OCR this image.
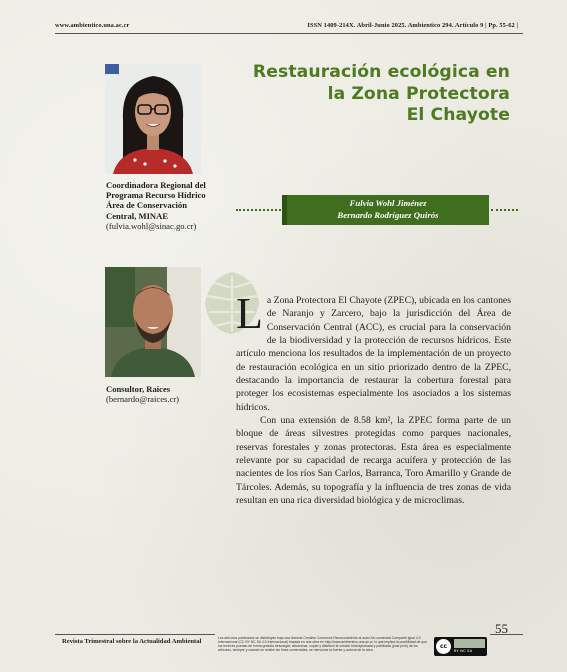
www.ambientico.una.ac.cr	ISSN 1409-214X. Abril-Junio 2025. Ambientico 294. Artículo 9 | Pp. 55-62 |
Coordinadora Regional del Programa Recurso Hídrico Área de Conservación Central, MINAE
(fulvia.wohl@sinac.go.cr)
Consultor, Raices
(bernardo@raices.cr)
Restauración ecológica en
la Zona Protectora
El Chayote
Fulvia Wohl Jiménez
Bernardo Rodríguez Quirós

La Zona Protectora El Chayote (ZPEC), ubicada en los cantones de Naranjo y Zarcero, bajo la jurisdicción del Área de Conservación Central (ACC), es crucial para la conservación de la biodiversidad y la protección de recursos hídricos. Este artículo menciona los resultados de la implementación de un proyecto de restauración ecológica en un sitio priorizado dentro de la ZPEC, destacando la importancia de restaurar la cobertura forestal para proteger los ecosistemas especialmente los asociados a los sistemas hídricos.

Con una extensión de 8.58 km², la ZPEC forma parte de un bloque de áreas silvestres protegidas como parques nacionales, reservas forestales y zonas protectoras. Esta área es especialmente relevante por su capacidad de recarga acuífera y protección de las nacientes de los ríos San Carlos, Barranca, Toro Amarillo y Grande de Tárcoles. Además, su topografía y la influencia de tres zonas de vida resultan en una rica diversidad biológica y de microclimas.

Revista Trimestral sobre la Actualidad Ambiental	Los artículos publicados se distribuyen bajo una licencia Creative Commons Reconocimiento al autor-No comercial-Compartir igual 4.0 Internacional (CC BY NC SA 4.0 Internacional) basada en una obra en http://www.ambientico.una.ac.cr, lo que implica la posibilidad de que los lectores puedan de forma gratuita descargar, almacenar, copiar y distribuir la versión final aprobada y publicada (post print) de los artículos, siempre y cuando se realice sin fines comerciales, se mencione la fuente y autoría de la obra.
cc
BY NC SA
55
